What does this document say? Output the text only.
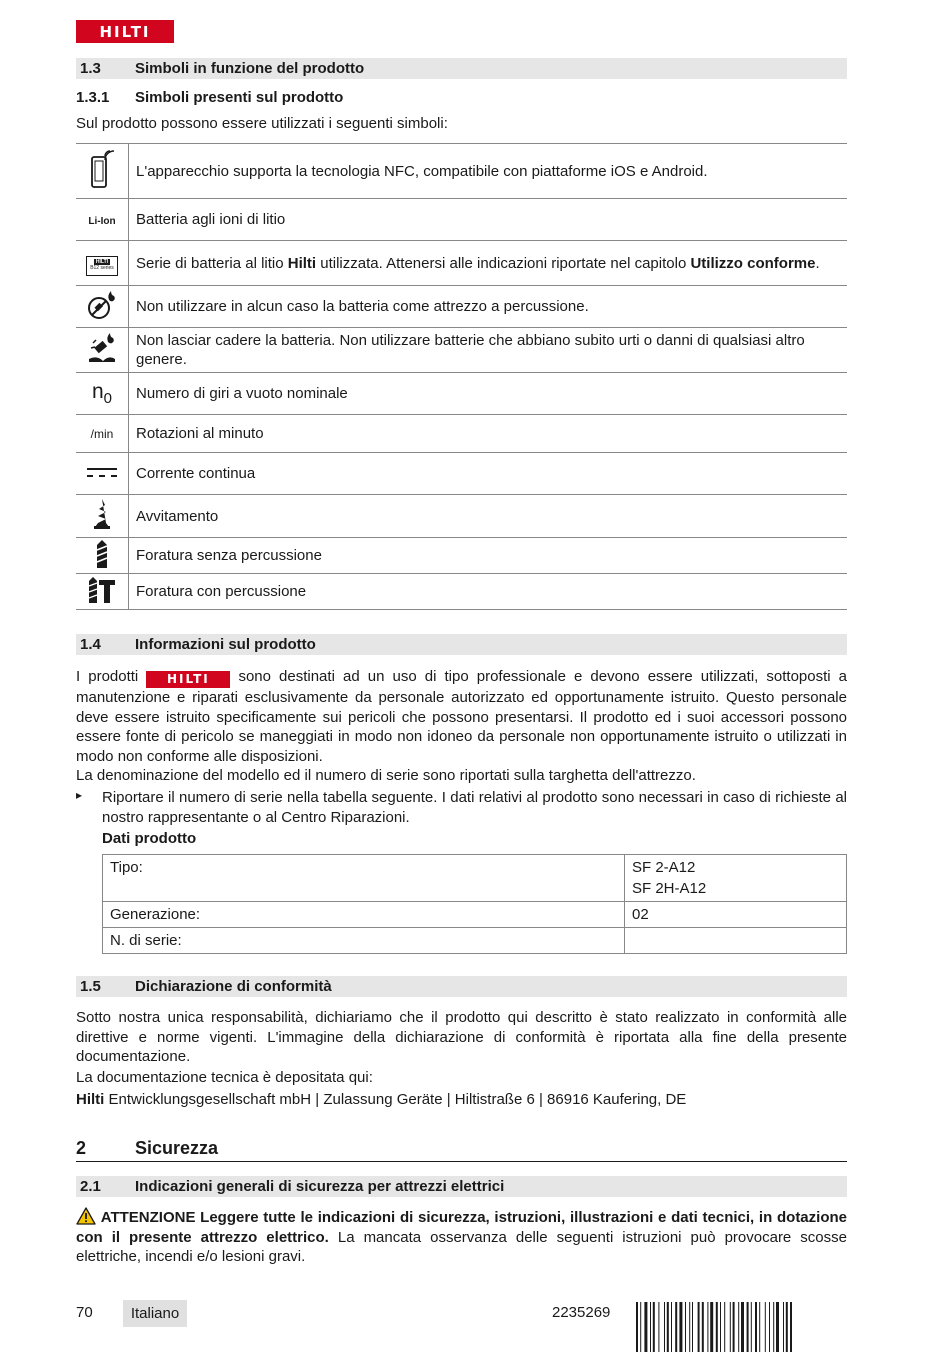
HILTI
1.3 Simboli in funzione del prodotto
1.3.1 Simboli presenti sul prodotto
Sul prodotto possono essere utilizzati i seguenti simboli:
	L'apparecchio supporta la tecnologia NFC, compatibile con piattaforme iOS e Android.
Li-Ion	Batteria agli ioni di litio

HILTI
B12 series	Serie di batteria al litio Hilti utilizzata. Attenersi alle indicazioni riportate nel capitolo Utilizzo conforme.

	Non utilizzare in alcun caso la batteria come attrezzo a percussione.

	Non lasciar cadere la batteria. Non utilizzare batterie che abbiano subito urti o danni di qualsiasi altro genere.
$n_0$	Numero di giri a vuoto nominale
/min	Rotazioni al minuto

	Corrente continua

	Avvitamento

	Foratura senza percussione

	Foratura con percussione
1.4 Informazioni sul prodotto
I prodotti HILTI sono destinati ad un uso di tipo professionale e devono essere utilizzati, sottoposti a manutenzione e riparati esclusivamente da personale autorizzato ed opportunamente istruito. Questo personale deve essere istruito specificamente sui pericoli che possono presentarsi. Il prodotto ed i suoi accessori possono essere fonte di pericolo se maneggiati in modo non idoneo da personale non opportunamente istruito o utilizzati in modo non conforme alle disposizioni.
La denominazione del modello ed il numero di serie sono riportati sulla targhetta dell'attrezzo.
▸ Riportare il numero di serie nella tabella seguente. I dati relativi al prodotto sono necessari in caso di richieste al nostro rappresentante o al Centro Riparazioni.
Dati prodotto
Tipo:	SF 2-A12
SF 2H-A12

Generazione:	02
N. di serie:	
1.5 Dichiarazione di conformità
Sotto nostra unica responsabilità, dichiariamo che il prodotto qui descritto è stato realizzato in conformità alle direttive e norme vigenti. L'immagine della dichiarazione di conformità è riportata alla fine della presente documentazione.
La documentazione tecnica è depositata qui:
Hilti Entwicklungsgesellschaft mbH | Zulassung Geräte | Hiltistraße 6 | 86916 Kaufering, DE
2	Sicurezza
2.1 Indicazioni generali di sicurezza per attrezzi elettrici
ATTENZIONE Leggere tutte le indicazioni di sicurezza, istruzioni, illustrazioni e dati tecnici, in dotazione con il presente attrezzo elettrico. La mancata osservanza delle seguenti istruzioni può provocare scosse elettriche, incendi e/o lesioni gravi.
70	Italiano	2235269
